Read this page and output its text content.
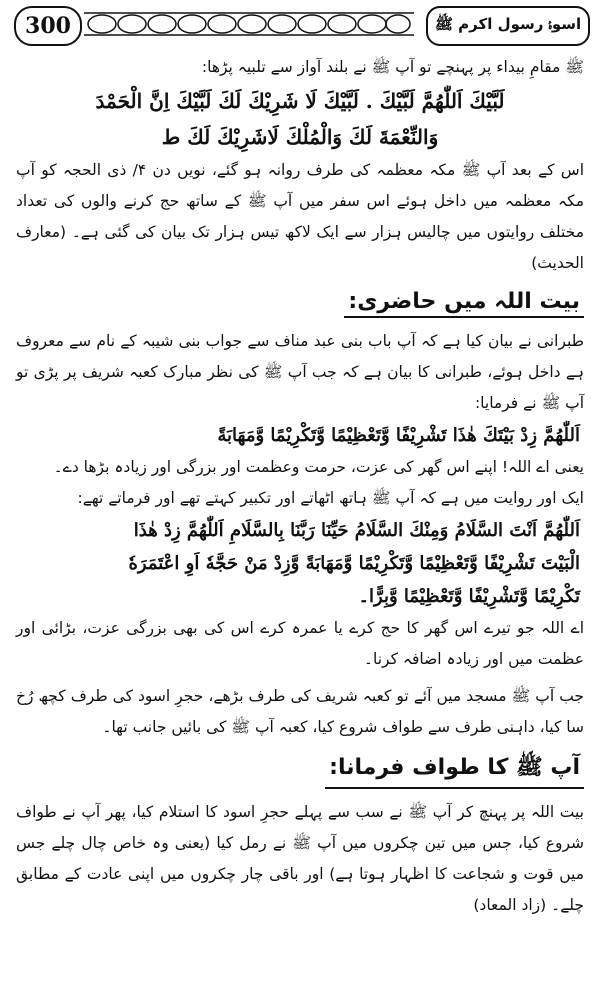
300	اسوۂ رسول اکرم ﷺ

ﷺ مقامِ بیداء پر پہنچے تو آپ ﷺ نے بلند آواز سے تلبیہ پڑھا:

لَبَّيْكَ اَللّٰهُمَّ لَبَّيْكَ . لَبَّيْكَ لَا شَرِيْكَ لَكَ لَبَّيْكَ اِنَّ الْحَمْدَ

وَالنِّعْمَةَ لَكَ وَالْمُلْكَ لَاشَرِيْكَ لَكَ ط

اس کے بعد آپ ﷺ مکہ معظمہ کی طرف روانہ ہو گئے، نویں دن ۴/ ذی الحجہ کو آپ مکہ معظمہ میں داخل ہوئے اس سفر میں آپ ﷺ کے ساتھ حج کرنے والوں کی تعداد مختلف روایتوں میں چالیس ہزار سے ایک لاکھ تیس ہزار تک بیان کی گئی ہے۔ (معارف الحدیث)

بیت اللہ میں حاضری:

طبرانی نے بیان کیا ہے کہ آپ باب بنی عبد مناف سے جواب بنی شیبہ کے نام سے معروف ہے داخل ہوئے، طبرانی کا بیان ہے کہ جب آپ ﷺ کی نظر مبارک کعبہ شریف پر پڑی تو آپ ﷺ نے فرمایا:

اَللّٰهُمَّ زِدْ بَيْتَكَ هٰذَا تَشْرِيْفًا وَّتَعْظِيْمًا وَّتَكْرِيْمًا وَّمَهَابَةً

یعنی اے اللہ! اپنے اس گھر کی عزت، حرمت وعظمت اور بزرگی اور زیادہ بڑھا دے۔

ایک اور روایت میں ہے کہ آپ ﷺ ہاتھ اٹھاتے اور تکبیر کہتے تھے اور فرماتے تھے:

اَللّٰهُمَّ اَنْتَ السَّلَامُ وَمِنْكَ السَّلَامُ حَيِّنَا رَبَّنَا بِالسَّلَامِ اَللّٰهُمَّ زِدْ هٰذَا

الْبَيْتَ تَشْرِيْفًا وَّتَعْظِيْمًا وَّتَكْرِيْمًا وَّمَهَابَةً وَّزِدْ مَنْ حَجَّهٗ اَوِ اعْتَمَرَهٗ

تَكْرِيْمًا وَّتَشْرِيْفًا وَّتَعْظِيْمًا وَّبِرًّا۔

اے اللہ جو تیرے اس گھر کا حج کرے یا عمرہ کرے اس کی بھی بزرگی عزت، بڑائی اور عظمت میں اور زیادہ اضافہ کرنا۔

جب آپ ﷺ مسجد میں آئے تو کعبہ شریف کی طرف بڑھے، حجرِ اسود کی طرف کچھ رُخ سا کیا، داہنی طرف سے طواف شروع کیا، کعبہ آپ ﷺ کی بائیں جانب تھا۔

آپ ﷺ کا طواف فرمانا:

بیت اللہ پر پہنچ کر آپ ﷺ نے سب سے پہلے حجرِ اسود کا استلام کیا، پھر آپ نے طواف شروع کیا، جس میں تین چکروں میں آپ ﷺ نے رمل کیا (یعنی وہ خاص چال چلے جس میں قوت و شجاعت کا اظہار ہوتا ہے) اور باقی چار چکروں میں اپنی عادت کے مطابق چلے۔ (زاد المعاد)
